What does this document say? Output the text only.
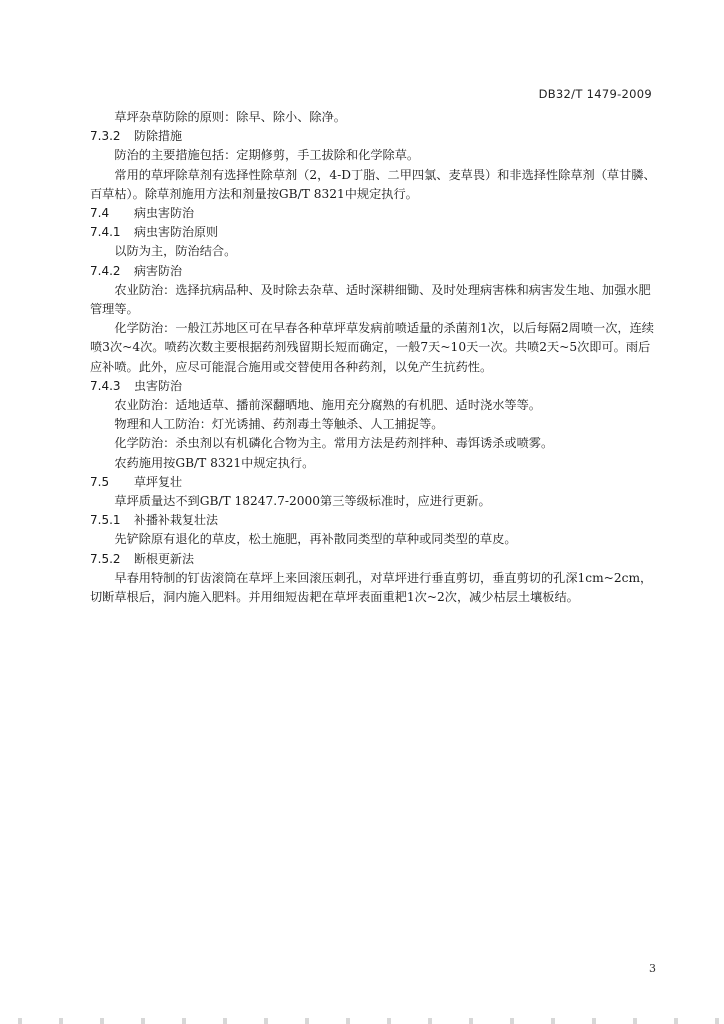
DB32/T 1479-2009
草坪杂草防除的原则：除早、除小、除净。
7.3.2 防除措施
防治的主要措施包括：定期修剪，手工拔除和化学除草。
常用的草坪除草剂有选择性除草剂（2，4-D丁脂、二甲四氯、麦草畏）和非选择性除草剂（草甘膦、百草枯）。除草剂施用方法和剂量按GB/T 8321中规定执行。
7.4 病虫害防治
7.4.1 病虫害防治原则
以防为主，防治结合。
7.4.2 病害防治
农业防治：选择抗病品种、及时除去杂草、适时深耕细锄、及时处理病害株和病害发生地、加强水肥管理等。
化学防治：一般江苏地区可在早春各种草坪草发病前喷适量的杀菌剂1次，以后每隔2周喷一次，连续喷3次~4次。喷药次数主要根据药剂残留期长短而确定，一般7天~10天一次。共喷2天~5次即可。雨后应补喷。此外，应尽可能混合施用或交替使用各种药剂，以免产生抗药性。
7.4.3 虫害防治
农业防治：适地适草、播前深翻晒地、施用充分腐熟的有机肥、适时浇水等等。
物理和人工防治：灯光诱捕、药剂毒土等触杀、人工捕捉等。
化学防治：杀虫剂以有机磷化合物为主。常用方法是药剂拌种、毒饵诱杀或喷雾。
农药施用按GB/T 8321中规定执行。
7.5 草坪复壮
草坪质量达不到GB/T 18247.7-2000第三等级标准时，应进行更新。
7.5.1 补播补栽复壮法
先铲除原有退化的草皮，松土施肥，再补散同类型的草种或同类型的草皮。
7.5.2 断根更新法
早春用特制的钉齿滚筒在草坪上来回滚压刺孔，对草坪进行垂直剪切，垂直剪切的孔深1cm~2cm，切断草根后，洞内施入肥料。并用细短齿耙在草坪表面重耙1次~2次，减少枯层土壤板结。
3
